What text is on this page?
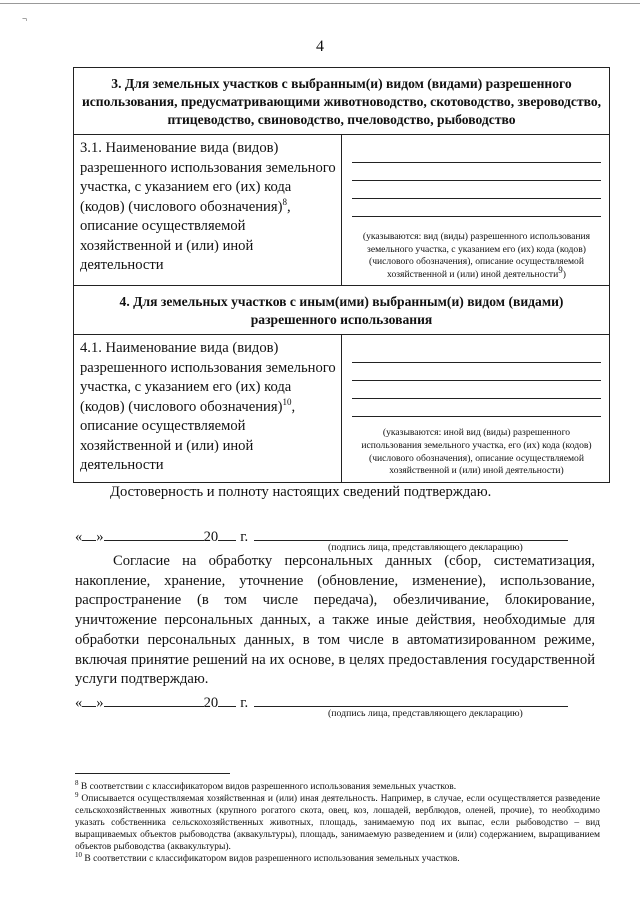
¬
4
3. Для земельных участков с выбранным(и) видом (видами) разрешенного использования, предусматривающими животноводство, скотоводство, звероводство, птицеводство, свиноводство, пчеловодство, рыбоводство	
3.1. Наименование вида (видов) разрешенного использования земельного участка, с указанием его (их) кода (кодов) (числового обозначения)$^8$, описание осуществляемой хозяйственной и (или) иной деятельности	(указываются: вид (виды) разрешенного использования земельного участка, с указанием его (их) кода (кодов) (числового обозначения), описание осуществляемой хозяйственной и (или) иной деятельности$^9$)

4. Для земельных участков с иным(ими) выбранным(и) видом (видами) разрешенного использования	
4.1. Наименование вида (видов) разрешенного использования земельного участка, с указанием его (их) кода (кодов) (числового обозначения)$^{10}$, описание осуществляемой хозяйственной и (или) иной деятельности	(указываются: иной вид (виды) разрешенного использования земельного участка, его (их) кода (кодов) (числового обозначения), описание осуществляемой хозяйственной и (или) иной деятельности)
Достоверность и полноту настоящих сведений подтверждаю.
« »	20 г.
(подпись лица, представляющего декларацию)
Согласие на обработку персональных данных (сбор, систематизация, накопление, хранение, уточнение (обновление, изменение), использование, распространение (в том числе передача), обезличивание, блокирование, уничтожение персональных данных, а также иные действия, необходимые для обработки персональных данных, в том числе в автоматизированном режиме, включая принятие решений на их основе, в целях предоставления государственной услуги подтверждаю.
« »	20 г.
(подпись лица, представляющего декларацию)

$^8$ В соответствии с классификатором видов разрешенного использования земельных участков.

$^9$ Описывается осуществляемая хозяйственная и (или) иная деятельность. Например, в случае, если осуществляется разведение сельскохозяйственных животных (крупного рогатого скота, овец, коз, лошадей, верблюдов, оленей, прочие), то необходимо указать собственника сельскохозяйственных животных, площадь, занимаемую под их выпас, если рыбоводство – вид выращиваемых объектов рыбоводства (аквакультуры), площадь, занимаемую разведением и (или) содержанием, выращиванием объектов рыбоводства (аквакультуры).

$^{10}$ В соответствии с классификатором видов разрешенного использования земельных участков.
